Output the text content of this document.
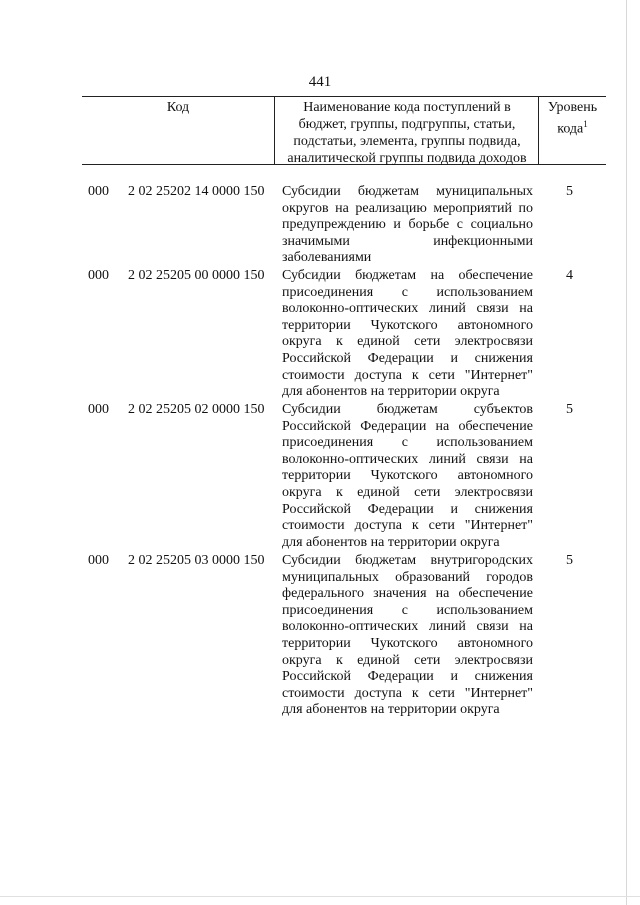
441
Код	Наименование кода поступлений в
бюджет, группы, подгруппы, статьи,
подстатьи, элемента, группы подвида,
аналитической группы подвида доходов
Уровень
кода$^1$
000 2 02 25202 14 0000 150 Субсидии бюджетам муниципальных
округов на реализацию мероприятий по
предупреждению и борьбе с социально
значимыми инфекционными
заболеваниями
5
000 2 02 25205 00 0000 150 Субсидии бюджетам на обеспечение
присоединения с использованием
волоконно-оптических линий связи на
территории Чукотского автономного
округа к единой сети электросвязи
Российской Федерации и снижения
стоимости доступа к сети "Интернет"
для абонентов на территории округа
4
000 2 02 25205 02 0000 150 Субсидии бюджетам субъектов
Российской Федерации на обеспечение
присоединения с использованием
волоконно-оптических линий связи на
территории Чукотского автономного
округа к единой сети электросвязи
Российской Федерации и снижения
стоимости доступа к сети "Интернет"
для абонентов на территории округа
5
000 2 02 25205 03 0000 150 Субсидии бюджетам внутригородских
муниципальных образований городов
федерального значения на обеспечение
присоединения с использованием
волоконно-оптических линий связи на
территории Чукотского автономного
округа к единой сети электросвязи
Российской Федерации и снижения
стоимости доступа к сети "Интернет"
для абонентов на территории округа
5
